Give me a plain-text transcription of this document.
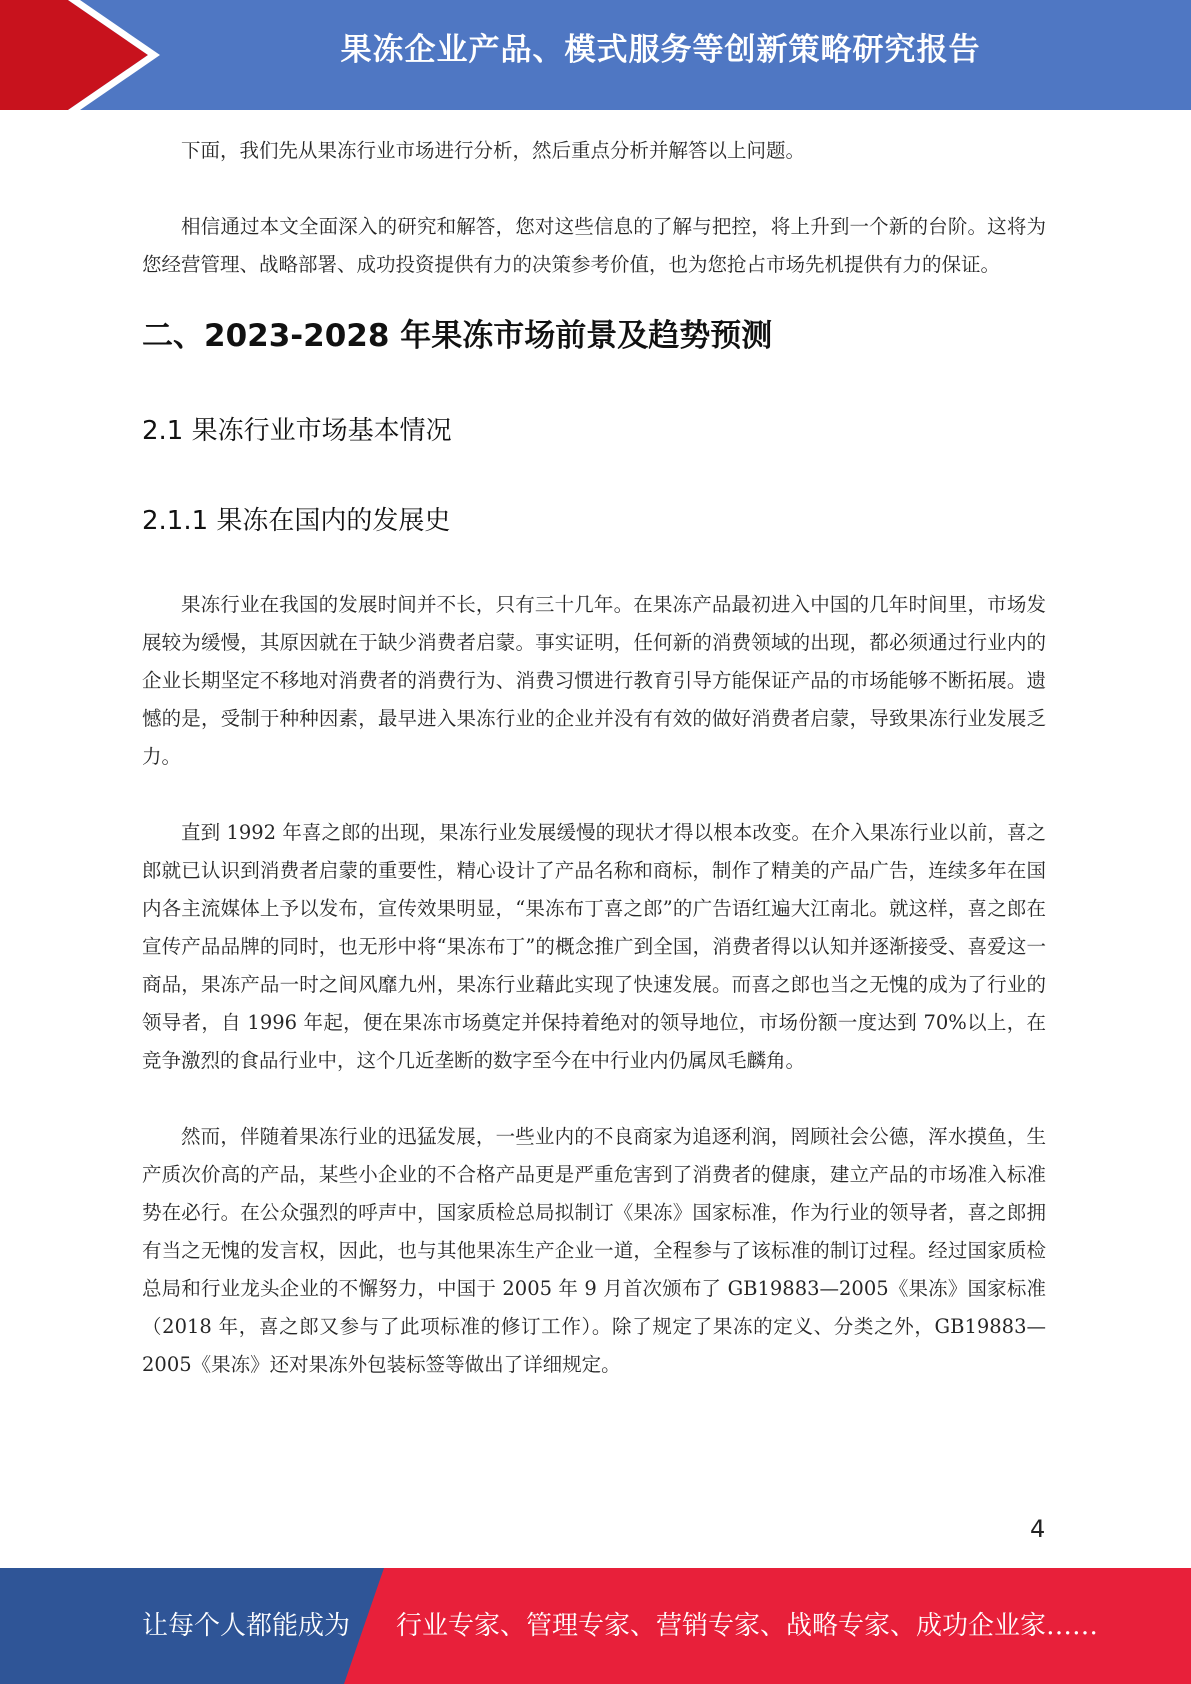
果冻企业产品、模式服务等创新策略研究报告

下面，我们先从果冻行业市场进行分析，然后重点分析并解答以上问题。

相信通过本文全面深入的研究和解答，您对这些信息的了解与把控，将上升到一个新的台阶。这将为您经营管理、战略部署、成功投资提供有力的决策参考价值，也为您抢占市场先机提供有力的保证。

二、2023-2028 年果冻市场前景及趋势预测
2.1 果冻行业市场基本情况
2.1.1 果冻在国内的发展史

果冻行业在我国的发展时间并不长，只有三十几年。在果冻产品最初进入中国的几年时间里，市场发展较为缓慢，其原因就在于缺少消费者启蒙。事实证明，任何新的消费领域的出现，都必须通过行业内的企业长期坚定不移地对消费者的消费行为、消费习惯进行教育引导方能保证产品的市场能够不断拓展。遗憾的是，受制于种种因素，最早进入果冻行业的企业并没有有效的做好消费者启蒙，导致果冻行业发展乏力。

直到 1992 年喜之郎的出现，果冻行业发展缓慢的现状才得以根本改变。在介入果冻行业以前，喜之郎就已认识到消费者启蒙的重要性，精心设计了产品名称和商标，制作了精美的产品广告，连续多年在国内各主流媒体上予以发布，宣传效果明显，“果冻布丁喜之郎”的广告语红遍大江南北。就这样，喜之郎在宣传产品品牌的同时，也无形中将“果冻布丁”的概念推广到全国，消费者得以认知并逐渐接受、喜爱这一商品，果冻产品一时之间风靡九州，果冻行业藉此实现了快速发展。而喜之郎也当之无愧的成为了行业的领导者，自 1996 年起，便在果冻市场奠定并保持着绝对的领导地位，市场份额一度达到 70%以上，在竞争激烈的食品行业中，这个几近垄断的数字至今在中行业内仍属凤毛麟角。

然而，伴随着果冻行业的迅猛发展，一些业内的不良商家为追逐利润，罔顾社会公德，浑水摸鱼，生产质次价高的产品，某些小企业的不合格产品更是严重危害到了消费者的健康，建立产品的市场准入标准势在必行。在公众强烈的呼声中，国家质检总局拟制订《果冻》国家标准，作为行业的领导者，喜之郎拥有当之无愧的发言权，因此，也与其他果冻生产企业一道，全程参与了该标准的制订过程。经过国家质检总局和行业龙头企业的不懈努力，中国于 2005 年 9 月首次颁布了 GB19883—2005《果冻》国家标准（2018 年，喜之郎又参与了此项标准的修订工作）。除了规定了果冻的定义、分类之外，GB19883—2005《果冻》还对果冻外包装标签等做出了详细规定。

4
让每个人都能成为 行业专家、管理专家、营销专家、战略专家、成功企业家……
